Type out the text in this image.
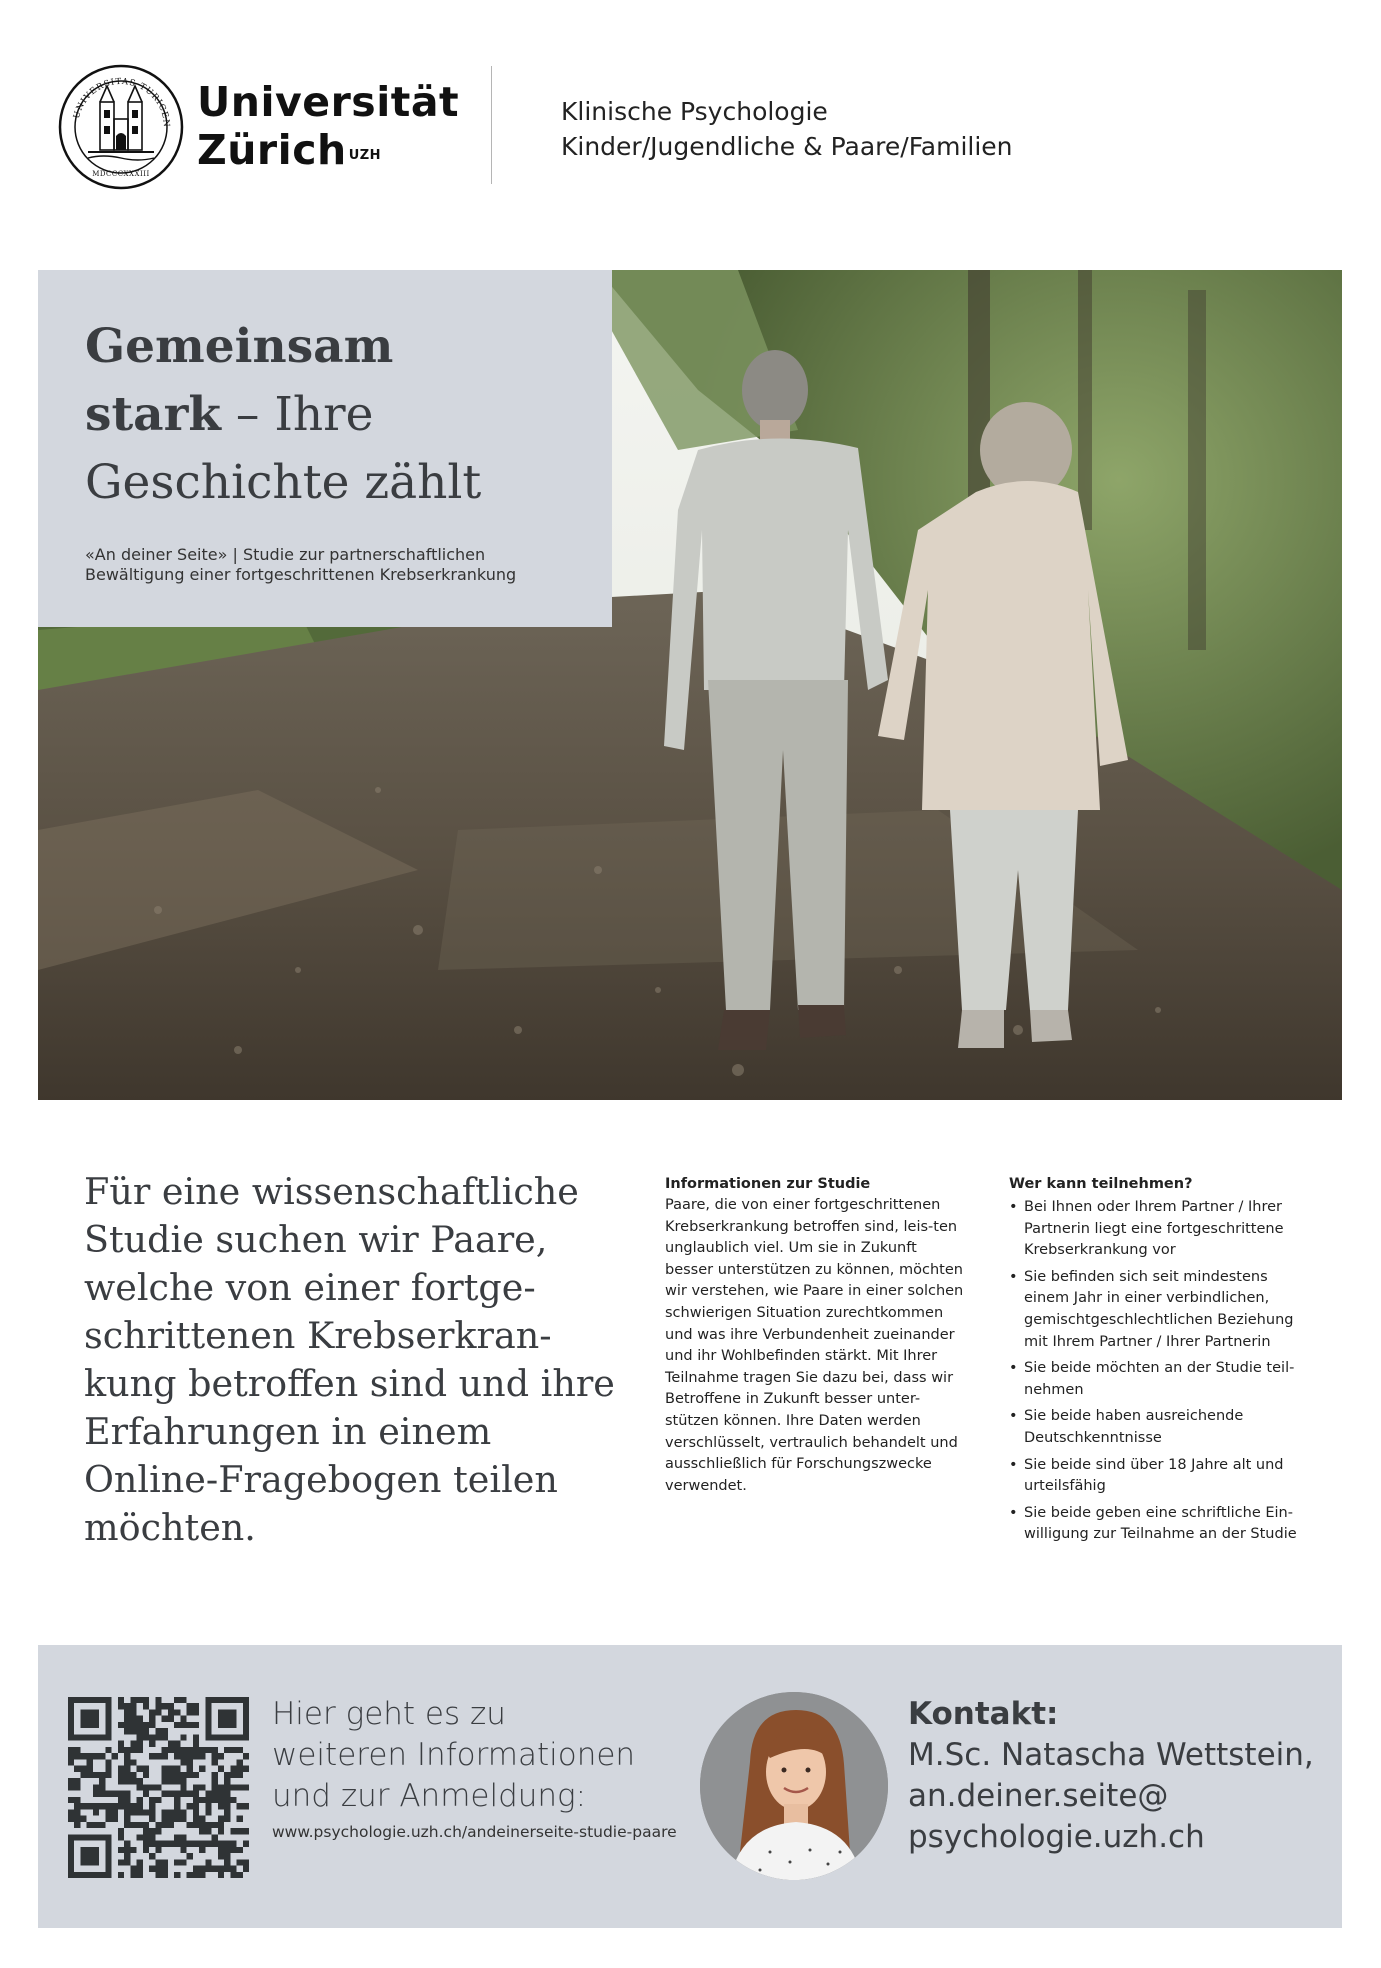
UNIVERSITAS TURICEN
MDCCCXXXIII
Universität
Zürich $^{UZH}$
Klinische Psychologie
Kinder/Jugendliche & Paare/Familien
Gemeinsam
stark – Ihre
Geschichte zählt
«An deiner Seite» | Studie zur partnerschaftlichen Bewältigung einer fortgeschrittenen Krebserkrankung
Für eine wissenschaftliche Studie suchen wir Paare, welche von einer fortge-schrittenen Krebserkran-kung betroffen sind und ihre Erfahrungen in einem Online-Fragebogen teilen möchten.
Informationen zur Studie

Paare, die von einer fortgeschrittenen Krebserkrankung betroffen sind, leis-ten unglaublich viel. Um sie in Zukunft besser unterstützen zu können, möchten wir verstehen, wie Paare in einer solchen schwierigen Situation zurechtkommen und was ihre Verbundenheit zueinander und ihr Wohlbefinden stärkt. Mit Ihrer Teilnahme tragen Sie dazu bei, dass wir Betroffene in Zukunft besser unter-stützen können. Ihre Daten werden verschlüsselt, vertraulich behandelt und ausschließlich für Forschungszwecke verwendet.

Wer kann teilnehmen?
• Bei Ihnen oder Ihrem Partner / Ihrer Partnerin liegt eine fortgeschrittene Krebserkrankung vor
• Sie befinden sich seit mindestens einem Jahr in einer verbindlichen, gemischtgeschlechtlichen Beziehung mit Ihrem Partner / Ihrer Partnerin
• Sie beide möchten an der Studie teil-nehmen
• Sie beide haben ausreichende Deutschkenntnisse
• Sie beide sind über 18 Jahre alt und urteilsfähig
• Sie beide geben eine schriftliche Ein-willigung zur Teilnahme an der Studie
Hier geht es zu
weiteren Informationen
und zur Anmeldung:
www.psychologie.uzh.ch/andeinerseite-studie-paare
Kontakt:
M.Sc. Natascha Wettstein,
an.deiner.seite@
psychologie.uzh.ch
